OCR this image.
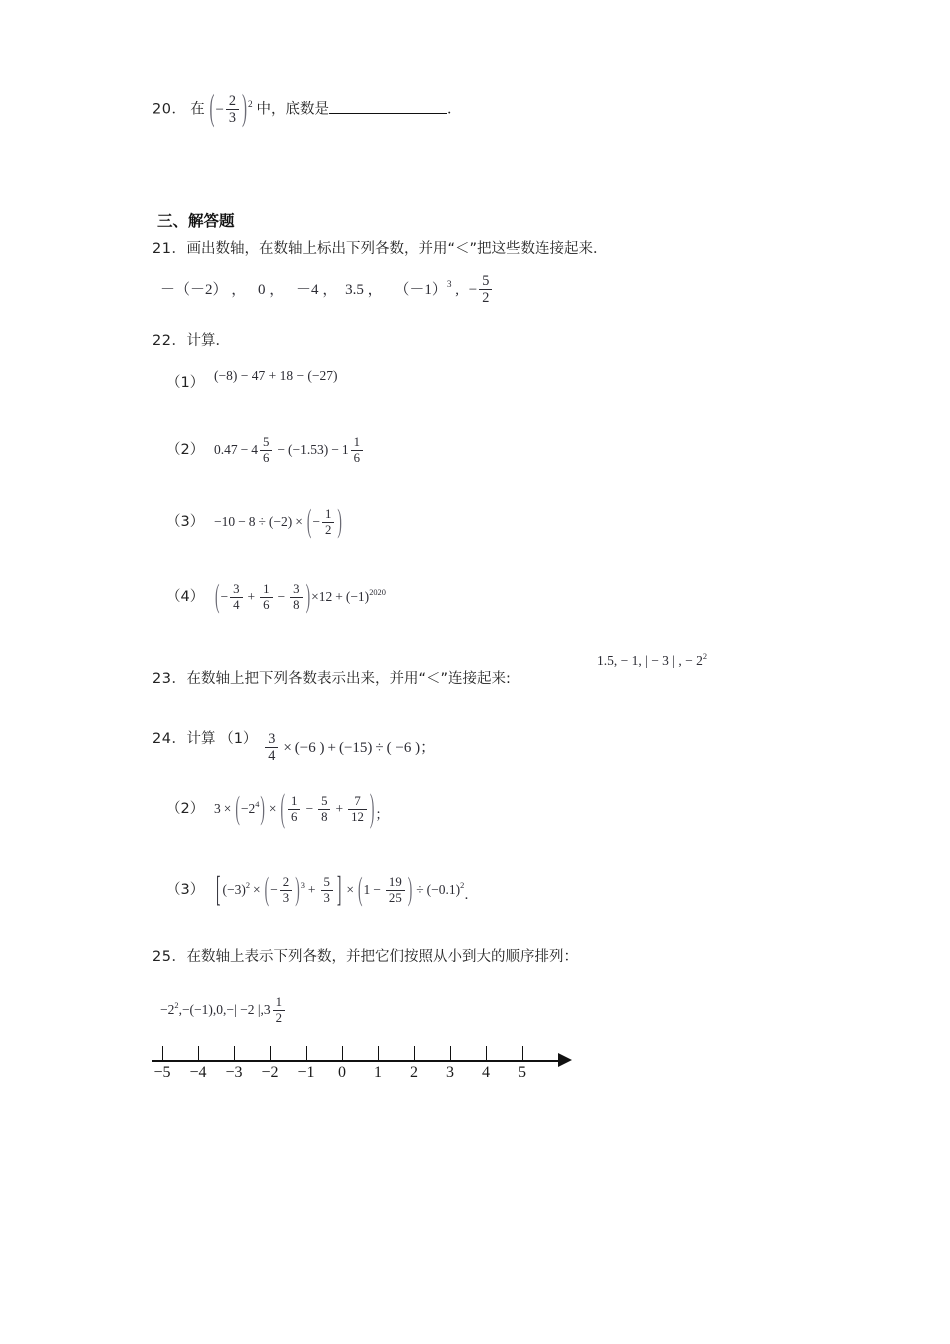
20． 在 ( − $\frac{2}{3}$ ) 2 中，底数是	．
三、解答题
21．画出数轴，在数轴上标出下列各数，并用“＜”把这些数连接起来．
－（－2） ， 0 ， －4 ， 3.5 ， （－1） 3 , − $\frac{5}{2}$
22．计算．
（1） (−8) − 47 + 18 − (−27)
（2） $0.47 - 4 \frac{5}{6} - (-1.53) - 1 \frac{1}{6}$
（3） −10 − 8 ÷ (−2) × ( − $\frac{1}{2}$ )
（4） ( − $\frac{3}{4} + \frac{1}{6} - \frac{3}{8}$ ) × 12 + (−1) 2020
23．在数轴上把下列各数表示出来，并用“＜”连接起来:
1.5, − 1, | − 3 | , − 2 2
24．计算 $(1) \frac{3}{4} \times (-6$ ) + (−15) ÷ ( −6 ) ；
（2） 3 × ( −2 4 ) × ( $\frac{1}{6} - \frac{5}{8} + \frac{7}{12}$ ) ；
（3） [ (−3) 2 × ( − $\frac{2}{3}$ ) $3 + \frac{5}{3}$ ] × ( $1 - \frac{19}{25}$ ) ÷ (−0.1) 2
．
25．在数轴上表示下列各数，并把它们按照从小到大的顺序排列：
−2 2 , −(−1) , 0 , −| −2 | , $3 \frac{1}{2}$
−5 −4 −3 −2 −1 0 1 2 3 4 5
